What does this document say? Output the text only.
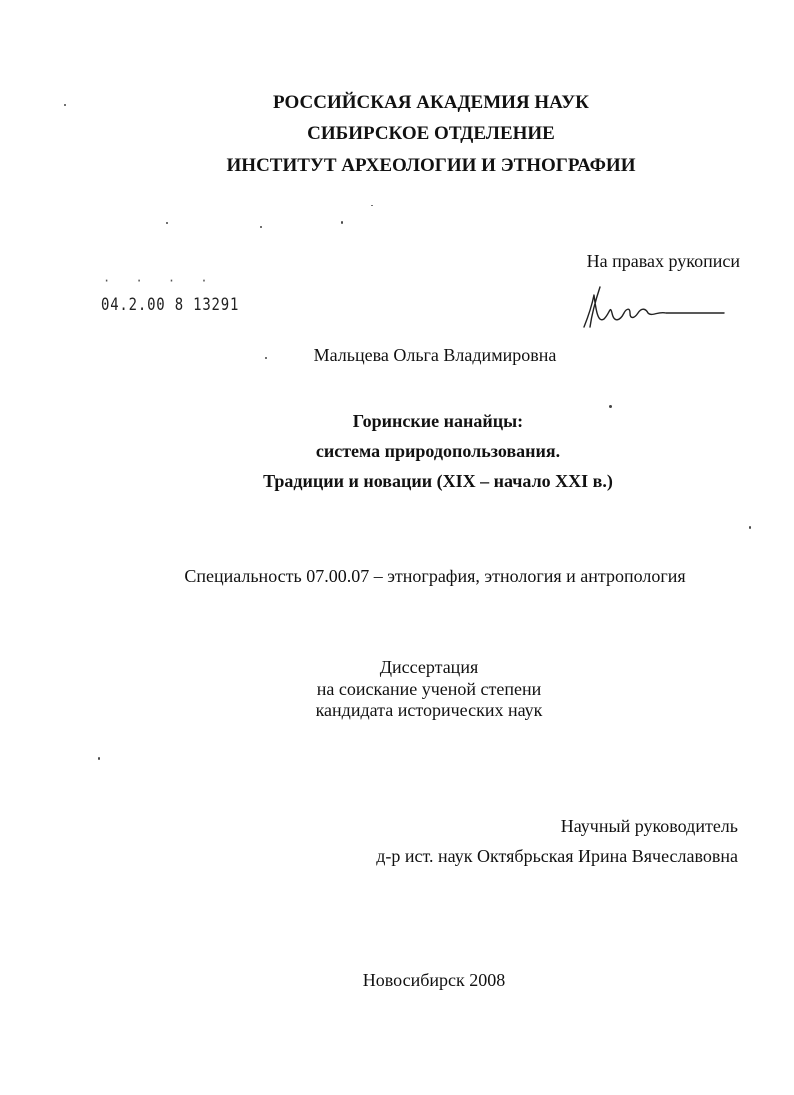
РОССИЙСКАЯ АКАДЕМИЯ НАУК
СИБИРСКОЕ ОТДЕЛЕНИЕ
ИНСТИТУТ АРХЕОЛОГИИ И ЭТНОГРАФИИ
На правах рукописи
· · · ·
04.2.00 8 13291
Мальцева Ольга Владимировна
Горинские нанайцы:
система природопользования.
Традиции и новации (XIX – начало XXI в.)
Специальность 07.00.07 – этнография, этнология и антропология
Диссертация
на соискание ученой степени
кандидата исторических наук
Научный руководитель
д-р ист. наук Октябрьская Ирина Вячеславовна
Новосибирск 2008
